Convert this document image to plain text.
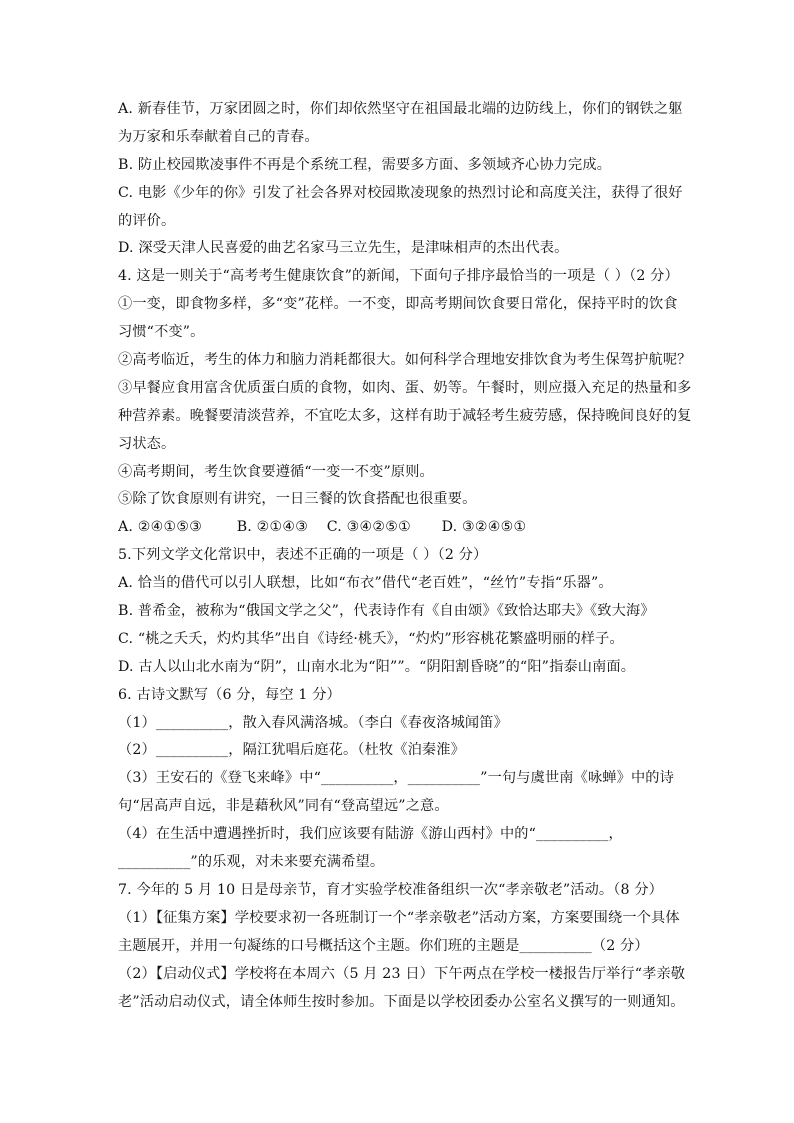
A. 新春佳节，万家团圆之时，你们却依然坚守在祖国最北端的边防线上，你们的钢铁之躯
为万家和乐奉献着自己的青春。
B. 防止校园欺凌事件不再是个系统工程，需要多方面、多领域齐心协力完成。
C. 电影《少年的你》引发了社会各界对校园欺凌现象的热烈讨论和高度关注，获得了很好
的评价。
D. 深受天津人民喜爱的曲艺名家马三立先生，是津味相声的杰出代表。
4. 这是一则关于“高考考生健康饮食”的新闻，下面句子排序最恰当的一项是（ ）（2 分）
①一变，即食物多样，多“变”花样。一不变，即高考期间饮食要日常化，保持平时的饮食
习惯“不变”。
②高考临近，考生的体力和脑力消耗都很大。如何科学合理地安排饮食为考生保驾护航呢？
③早餐应食用富含优质蛋白质的食物，如肉、蛋、奶等。午餐时，则应摄入充足的热量和多
种营养素。晚餐要清淡营养，不宜吃太多，这样有助于减轻考生疲劳感，保持晚间良好的复
习状态。
④高考期间，考生饮食要遵循“一变一不变”原则。
⑤除了饮食原则有讲究，一日三餐的饮食搭配也很重要。
A. ②④①⑤③ B. ②①④③ C. ③④②⑤① D. ③②④⑤①
5.下列文学文化常识中，表述不正确的一项是（ ）（2 分）
A. 恰当的借代可以引人联想，比如“布衣”借代“老百姓”，“丝竹”专指“乐器”。
B. 普希金，被称为“俄国文学之父”，代表诗作有《自由颂》《致恰达耶夫》《致大海》
C. “桃之夭夭，灼灼其华”出自《诗经·桃夭》，“灼灼”形容桃花繁盛明丽的样子。
D. 古人以山北水南为“阴”，山南水北为“阳””。“阴阳割昏晓”的“阳”指泰山南面。
6. 古诗文默写（6 分，每空 1 分）
（1）__________，散入春风满洛城。（李白《春夜洛城闻笛》
（2）__________，隔江犹唱后庭花。（杜牧《泊秦淮》
（3）王安石的《登飞来峰》中“__________，__________”一句与虞世南《咏蝉》中的诗
句“居高声自远，非是藉秋风”同有“登高望远”之意。
（4）在生活中遭遇挫折时，我们应该要有陆游《游山西村》中的“__________，
__________”的乐观，对未来要充满希望。
7. 今年的 5 月 10 日是母亲节，育才实验学校准备组织一次“孝亲敬老”活动。（8 分）
（1）【征集方案】学校要求初一各班制订一个“孝亲敬老”活动方案，方案要围绕一个具体
主题展开，并用一句凝练的口号概括这个主题。你们班的主题是__________（2 分）
（2）【启动仪式】学校将在本周六（5 月 23 日）下午两点在学校一楼报告厅举行“孝亲敬
老”活动启动仪式，请全体师生按时参加。下面是以学校团委办公室名义撰写的一则通知。
